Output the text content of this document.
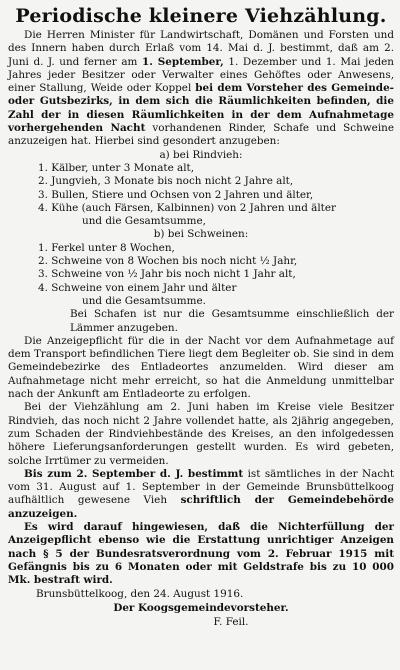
Periodische kleinere Viehzählung.

Die Herren Minister für Landwirtschaft, Domänen und Forsten und des Innern haben durch Erlaß vom 14. Mai d. J. bestimmt, daß am 2. Juni d. J. und ferner am 1. September, 1. Dezember und 1. Mai jeden Jahres jeder Besitzer oder Verwalter eines Gehöftes oder Anwesens, einer Stallung, Weide oder Koppel bei dem Vorsteher des Gemeinde- oder Gutsbezirks, in dem sich die Räumlichkeiten befinden, die Zahl der in diesen Räumlichkeiten in der dem Aufnahmetage vorhergehenden Nacht vorhandenen Rinder, Schafe und Schweine anzuzeigen hat. Hierbei sind gesondert anzugeben:

a) bei Rindvieh:

1. Kälber, unter 3 Monate alt,
2. Jungvieh, 3 Monate bis noch nicht 2 Jahre alt,
3. Bullen, Stiere und Ochsen von 2 Jahren und älter,
4. Kühe (auch Färsen, Kalbinnen) von 2 Jahren und älter

und die Gesamtsumme,

b) bei Schweinen:

1. Ferkel unter 8 Wochen,
2. Schweine von 8 Wochen bis noch nicht ½ Jahr,
3. Schweine von ½ Jahr bis noch nicht 1 Jahr alt,
4. Schweine von einem Jahr und älter

und die Gesamtsumme.

Bei Schafen ist nur die Gesamtsumme einschließlich der Lämmer anzugeben.

Die Anzeigepflicht für die in der Nacht vor dem Aufnahmetage auf dem Transport befindlichen Tiere liegt dem Begleiter ob. Sie sind in dem Gemeindebezirke des Entladeortes anzumelden. Wird dieser am Aufnahmetage nicht mehr erreicht, so hat die Anmeldung unmittelbar nach der Ankunft am Entladeorte zu erfolgen.

Bei der Viehzählung am 2. Juni haben im Kreise viele Besitzer Rindvieh, das noch nicht 2 Jahre vollendet hatte, als 2jährig angegeben, zum Schaden der Rindviehbestände des Kreises, an den infolgedessen höhere Lieferungsanforderungen gestellt wurden. Es wird gebeten, solche Irrtümer zu vermeiden.

Bis zum 2. September d. J. bestimmt ist sämtliches in der Nacht vom 31. August auf 1. September in der Gemeinde Brunsbüttelkoog aufhältlich gewesene Vieh schriftlich der Gemeindebehörde anzuzeigen.

Es wird darauf hingewiesen, daß die Nichterfüllung der Anzeigepflicht ebenso wie die Erstattung unrichtiger Anzeigen nach § 5 der Bundesratsverordnung vom 2. Februar 1915 mit Gefängnis bis zu 6 Monaten oder mit Geldstrafe bis zu 10 000 Mk. bestraft wird.

Brunsbüttelkoog, den 24. August 1916.

Der Koogsgemeindevorsteher.

F. Feil.
